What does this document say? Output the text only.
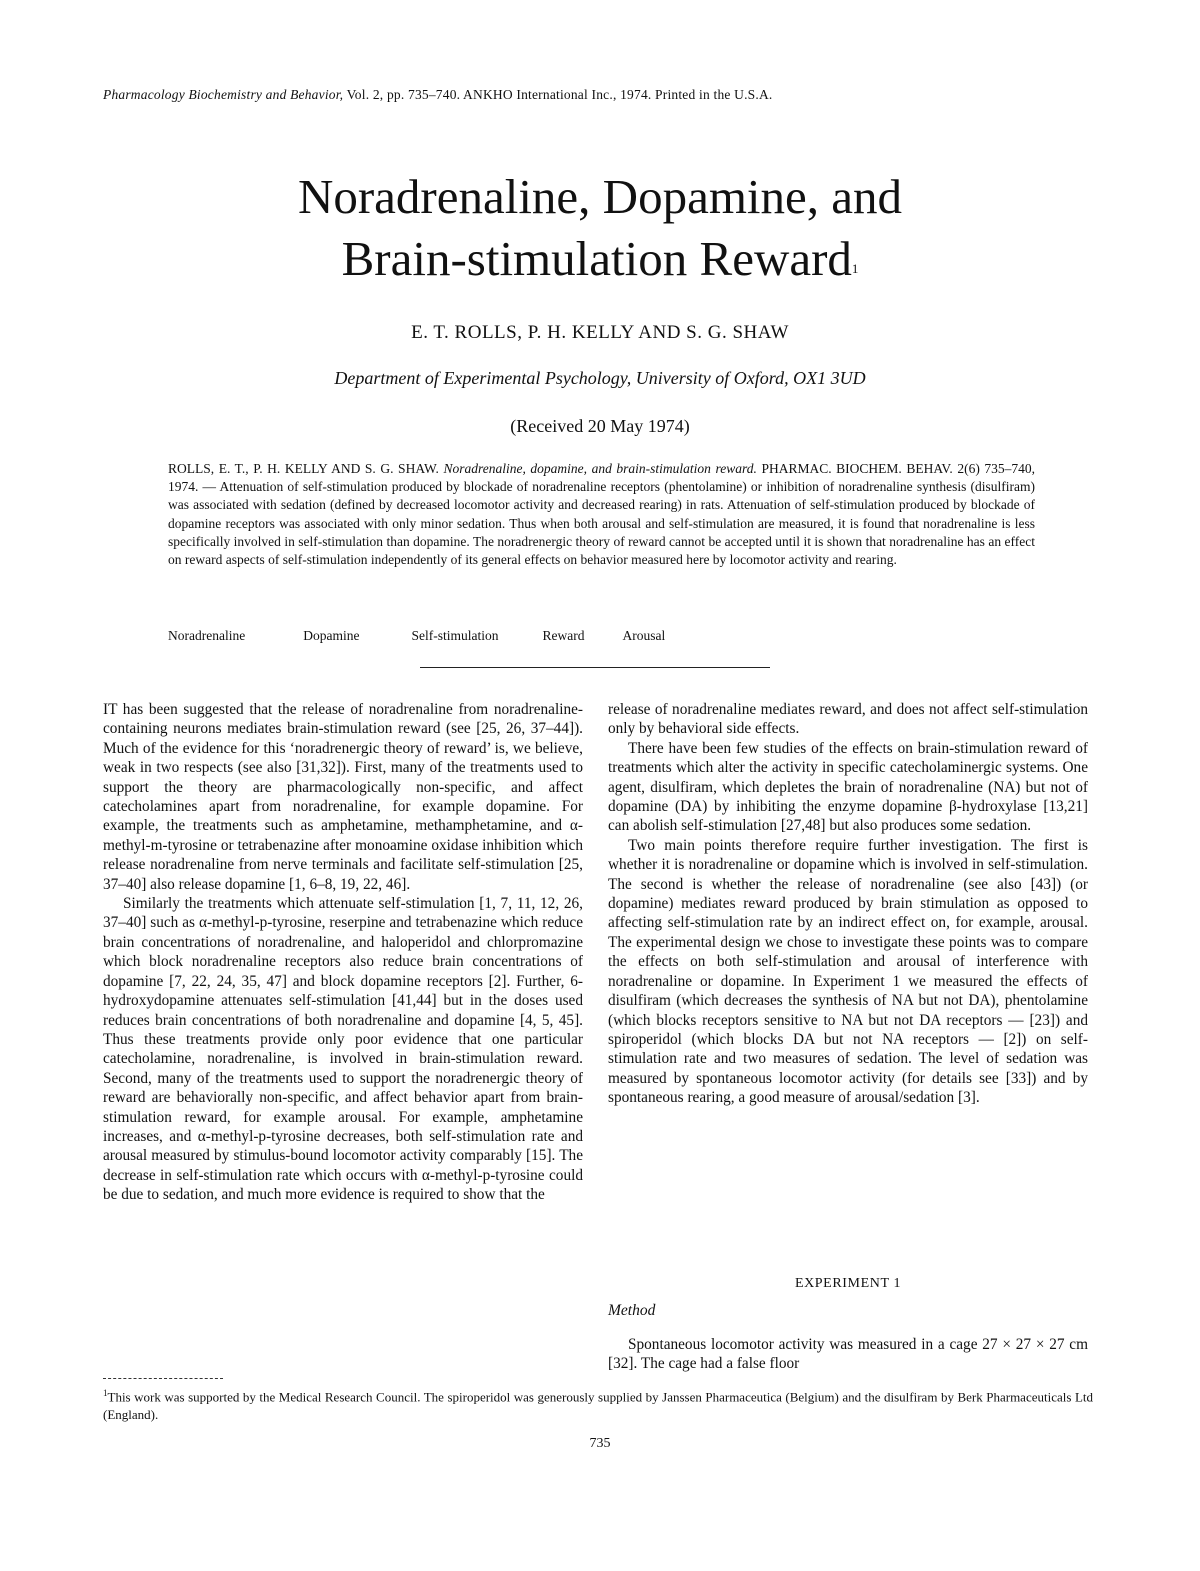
Pharmacology Biochemistry and Behavior, Vol. 2, pp. 735–740. ANKHO International Inc., 1974. Printed in the U.S.A.
Noradrenaline, Dopamine, and
Brain-stimulation Reward$^1$
E. T. ROLLS, P. H. KELLY AND S. G. SHAW
Department of Experimental Psychology, University of Oxford, OX1 3UD
(Received 20 May 1974)

ROLLS, E. T., P. H. KELLY AND S. G. SHAW. Noradrenaline, dopamine, and brain-stimulation reward. PHARMAC. BIOCHEM. BEHAV. 2(6) 735–740, 1974. — Attenuation of self-stimulation produced by blockade of noradrenaline receptors (phentolamine) or inhibition of noradrenaline synthesis (disulfiram) was associated with sedation (defined by decreased locomotor activity and decreased rearing) in rats. Attenuation of self-stimulation produced by blockade of dopamine receptors was associated with only minor sedation. Thus when both arousal and self-stimulation are measured, it is found that noradrenaline is less specifically involved in self-stimulation than dopamine. The noradrenergic theory of reward cannot be accepted until it is shown that noradrenaline has an effect on reward aspects of self-stimulation independently of its general effects on behavior measured here by locomotor activity and rearing.

Noradrenaline	Dopamine	Self-stimulation	Reward	Arousal

IT has been suggested that the release of noradrenaline from noradrenaline-containing neurons mediates brain-stimulation reward (see [25, 26, 37–44]). Much of the evidence for this ‘noradrenergic theory of reward’ is, we believe, weak in two respects (see also [31,32]). First, many of the treatments used to support the theory are pharmacologically non-specific, and affect catecholamines apart from noradrenaline, for example dopamine. For example, the treatments such as amphetamine, methamphetamine, and α-methyl-m-tyrosine or tetrabenazine after monoamine oxidase inhibition which release noradrenaline from nerve terminals and facilitate self-stimulation [25, 37–40] also release dopamine [1, 6–8, 19, 22, 46].

Similarly the treatments which attenuate self-stimulation [1, 7, 11, 12, 26, 37–40] such as α-methyl-p-tyrosine, reserpine and tetrabenazine which reduce brain concentrations of noradrenaline, and haloperidol and chlorpromazine which block noradrenaline receptors also reduce brain concentrations of dopamine [7, 22, 24, 35, 47] and block dopamine receptors [2]. Further, 6-hydroxydopamine attenuates self-stimulation [41,44] but in the doses used reduces brain concentrations of both noradrenaline and dopamine [4, 5, 45]. Thus these treatments provide only poor evidence that one particular catecholamine, noradrenaline, is involved in brain-stimulation reward. Second, many of the treatments used to support the noradrenergic theory of reward are behaviorally non-specific, and affect behavior apart from brain-stimulation reward, for example arousal. For example, amphetamine increases, and α-methyl-p-tyrosine decreases, both self-stimulation rate and arousal measured by stimulus-bound locomotor activity comparably [15]. The decrease in self-stimulation rate which occurs with α-methyl-p-tyrosine could be due to sedation, and much more evidence is required to show that the

release of noradrenaline mediates reward, and does not affect self-stimulation only by behavioral side effects.

There have been few studies of the effects on brain-stimulation reward of treatments which alter the activity in specific catecholaminergic systems. One agent, disulfiram, which depletes the brain of noradrenaline (NA) but not of dopamine (DA) by inhibiting the enzyme dopamine β-hydroxylase [13,21] can abolish self-stimulation [27,48] but also produces some sedation.

Two main points therefore require further investigation. The first is whether it is noradrenaline or dopamine which is involved in self-stimulation. The second is whether the release of noradrenaline (see also [43]) (or dopamine) mediates reward produced by brain stimulation as opposed to affecting self-stimulation rate by an indirect effect on, for example, arousal. The experimental design we chose to investigate these points was to compare the effects on both self-stimulation and arousal of interference with noradrenaline or dopamine. In Experiment 1 we measured the effects of disulfiram (which decreases the synthesis of NA but not DA), phentolamine (which blocks receptors sensitive to NA but not DA receptors — [23]) and spiroperidol (which blocks DA but not NA receptors — [2]) on self-stimulation rate and two measures of sedation. The level of sedation was measured by spontaneous locomotor activity (for details see [33]) and by spontaneous rearing, a good measure of arousal/sedation [3].

EXPERIMENT 1
Method

Spontaneous locomotor activity was measured in a cage 27 × 27 × 27 cm [32]. The cage had a false floor

$^1$This work was supported by the Medical Research Council. The spiroperidol was generously supplied by Janssen Pharmaceutica (Belgium) and the disulfiram by Berk Pharmaceuticals Ltd (England).

735
